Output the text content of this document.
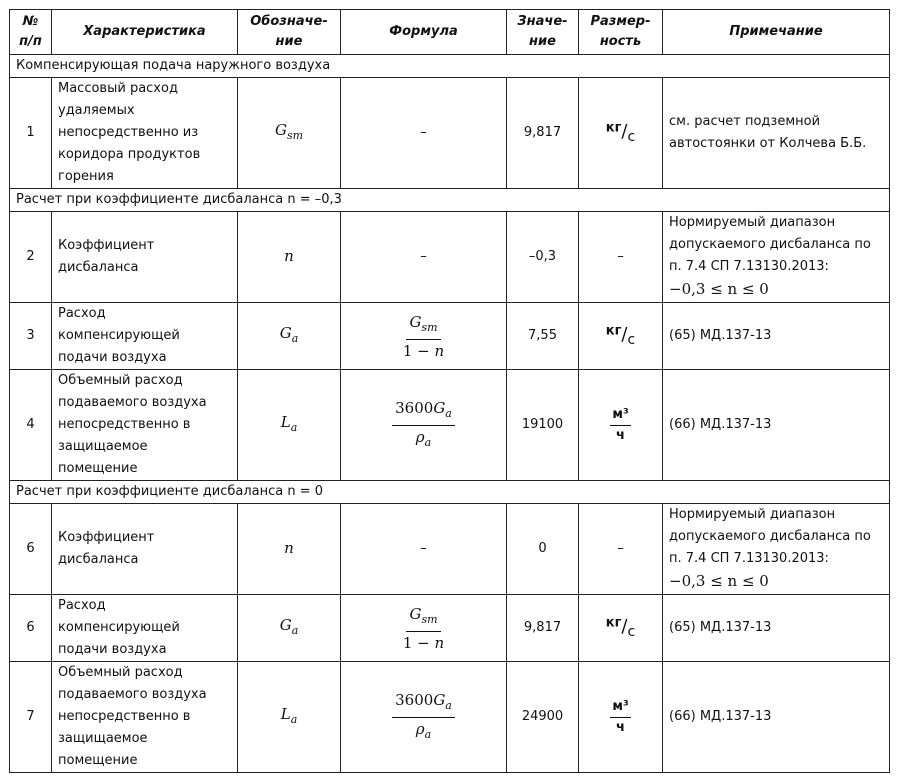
№ п/п	Характеристика	Обозначе-ние	Формула	Значе-ние	Размер-ность	Примечание
Компенсирующая подача наружного воздуха						
1	Массовый расход удаляемых непосредственно из коридора продуктов горения	$G_{sm}$	–	9,817	кг/с	см. расчет подземной автостоянки от Колчева Б.Б.
Расчет при коэффициенте дисбаланса n = –0,3						
2	Коэффициент дисбаланса	n	–	–0,3	–	Нормируемый диапазон допускаемого дисбаланса по п. 7.4 СП 7.13130.2013:
−0,3 ≤ n ≤ 0
3	Расход компенсирующей подачи воздуха	$G_a$	$\frac{G_{sm}}{1 - n}$	7,55	кг/с	(65) МД.137-13
4	Объемный расход подаваемого воздуха непосредственно в защищаемое помещение	$L_a$	$\frac{3600G_a}{\rho_a}$	19100	$\frac{\text{м³}}{ч}$	(66) МД.137-13
Расчет при коэффициенте дисбаланса n = 0						
6	Коэффициент дисбаланса	n	–	0	–	Нормируемый диапазон допускаемого дисбаланса по п. 7.4 СП 7.13130.2013:
−0,3 ≤ n ≤ 0
6	Расход компенсирующей подачи воздуха	$G_a$	$\frac{G_{sm}}{1 - n}$	9,817	кг/с	(65) МД.137-13
7	Объемный расход подаваемого воздуха непосредственно в защищаемое помещение	$L_a$	$\frac{3600G_a}{\rho_a}$	24900	$\frac{\text{м³}}{ч}$	(66) МД.137-13
